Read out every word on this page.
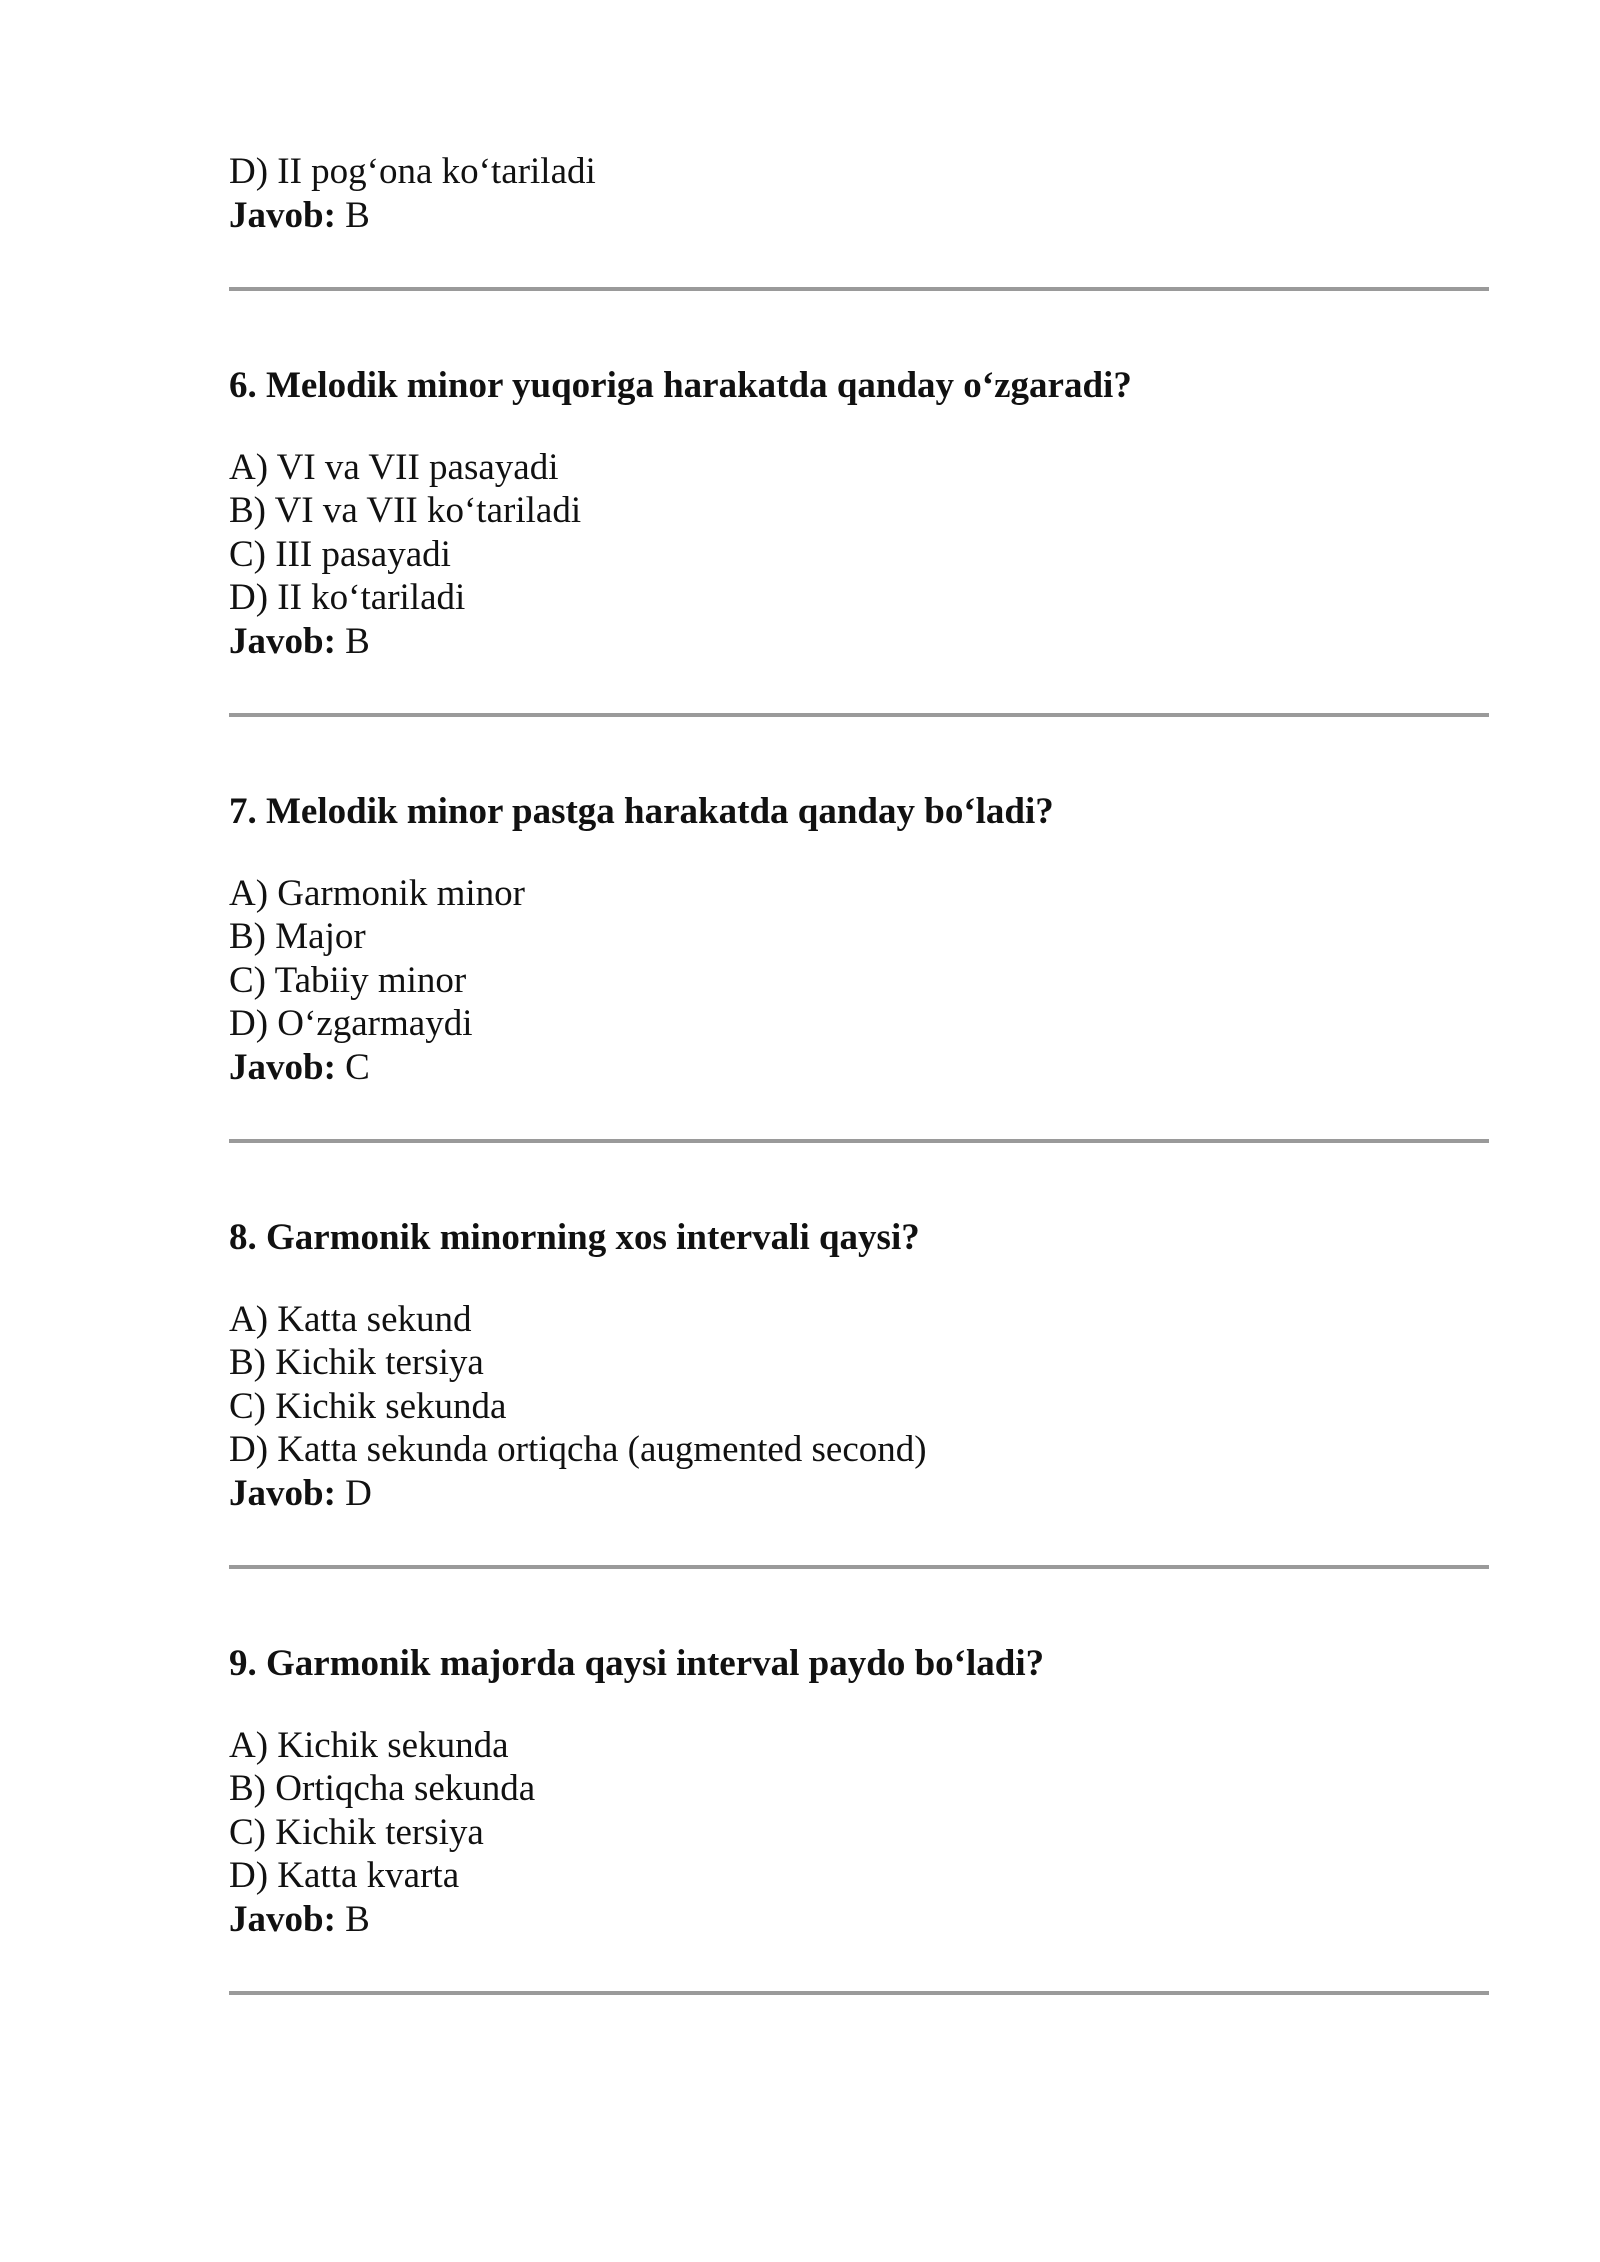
D) II pog‘ona ko‘tariladi

Javob: B

6. Melodik minor yuqoriga harakatda qanday o‘zgaradi?

A) VI va VII pasayadi

B) VI va VII ko‘tariladi

C) III pasayadi

D) II ko‘tariladi

Javob: B

7. Melodik minor pastga harakatda qanday bo‘ladi?

A) Garmonik minor

B) Major

C) Tabiiy minor

D) O‘zgarmaydi

Javob: C

8. Garmonik minorning xos intervali qaysi?

A) Katta sekund

B) Kichik tersiya

C) Kichik sekunda

D) Katta sekunda ortiqcha (augmented second)

Javob: D

9. Garmonik majorda qaysi interval paydo bo‘ladi?

A) Kichik sekunda

B) Ortiqcha sekunda

C) Kichik tersiya

D) Katta kvarta

Javob: B
